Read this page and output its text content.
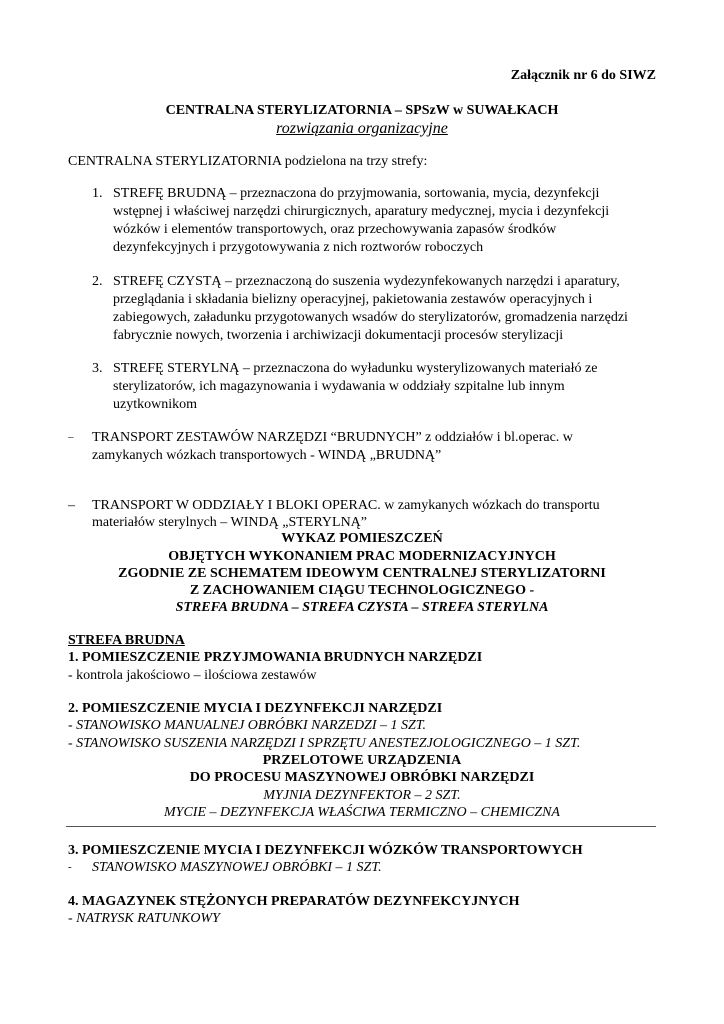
Załącznik nr 6 do SIWZ
CENTRALNA STERYLIZATORNIA – SPSzW w SUWAŁKACH
rozwiązania organizacyjne
CENTRALNA STERYLIZATORNIA podzielona na trzy strefy:
1. STREFĘ BRUDNĄ – przeznaczona do przyjmowania, sortowania, mycia, dezynfekcji
wstępnej i właściwej narzędzi chirurgicznych, aparatury medycznej, mycia i dezynfekcji
wózków i elementów transportowych, oraz przechowywania zapasów środków
dezynfekcyjnych i przygotowywania z nich roztworów roboczych
2. STREFĘ CZYSTĄ – przeznaczoną do suszenia wydezynfekowanych narzędzi i aparatury,
przeglądania i składania bielizny operacyjnej, pakietowania zestawów operacyjnych i
zabiegowych, załadunku przygotowanych wsadów do sterylizatorów, gromadzenia narzędzi
fabrycznie nowych, tworzenia i archiwizacji dokumentacji procesów sterylizacji
3. STREFĘ STERYLNĄ – przeznaczona do wyładunku wysterylizowanych materiałó ze
sterylizatorów, ich magazynowania i wydawania w oddziały szpitalne lub innym
uzytkownikom
– TRANSPORT ZESTAWÓW NARZĘDZI “BRUDNYCH” z oddziałów i bl.operac. w
zamykanych wózkach transportowych - WINDĄ „BRUDNĄ”
– TRANSPORT W ODDZIAŁY I BLOKI OPERAC. w zamykanych wózkach do transportu
materiałów sterylnych – WINDĄ „STERYLNĄ”
WYKAZ POMIESZCZEŃ
OBJĘTYCH WYKONANIEM PRAC MODERNIZACYJNYCH
ZGODNIE ZE SCHEMATEM IDEOWYM CENTRALNEJ STERYLIZATORNI
Z ZACHOWANIEM CIĄGU TECHNOLOGICZNEGO -
STREFA BRUDNA – STREFA CZYSTA – STREFA STERYLNA
STREFA BRUDNA
1. POMIESZCZENIE PRZYJMOWANIA BRUDNYCH NARZĘDZI
- kontrola jakościowo – ilościowa zestawów
2. POMIESZCZENIE MYCIA I DEZYNFEKCJI NARZĘDZI
- STANOWISKO MANUALNEJ OBRÓBKI NARZEDZI – 1 SZT.
- STANOWISKO SUSZENIA NARZĘDZI I SPRZĘTU ANESTEZJOLOGICZNEGO – 1 SZT.
PRZELOTOWE URZĄDZENIA
DO PROCESU MASZYNOWEJ OBRÓBKI NARZĘDZI
MYJNIA DEZYNFEKTOR – 2 SZT.
MYCIE – DEZYNFEKCJA WŁAŚCIWA TERMICZNO – CHEMICZNA
3. POMIESZCZENIE MYCIA I DEZYNFEKCJI WÓZKÓW TRANSPORTOWYCH
- STANOWISKO MASZYNOWEJ OBRÓBKI – 1 SZT.
4. MAGAZYNEK STĘŻONYCH PREPARATÓW DEZYNFEKCYJNYCH
- NATRYSK RATUNKOWY
